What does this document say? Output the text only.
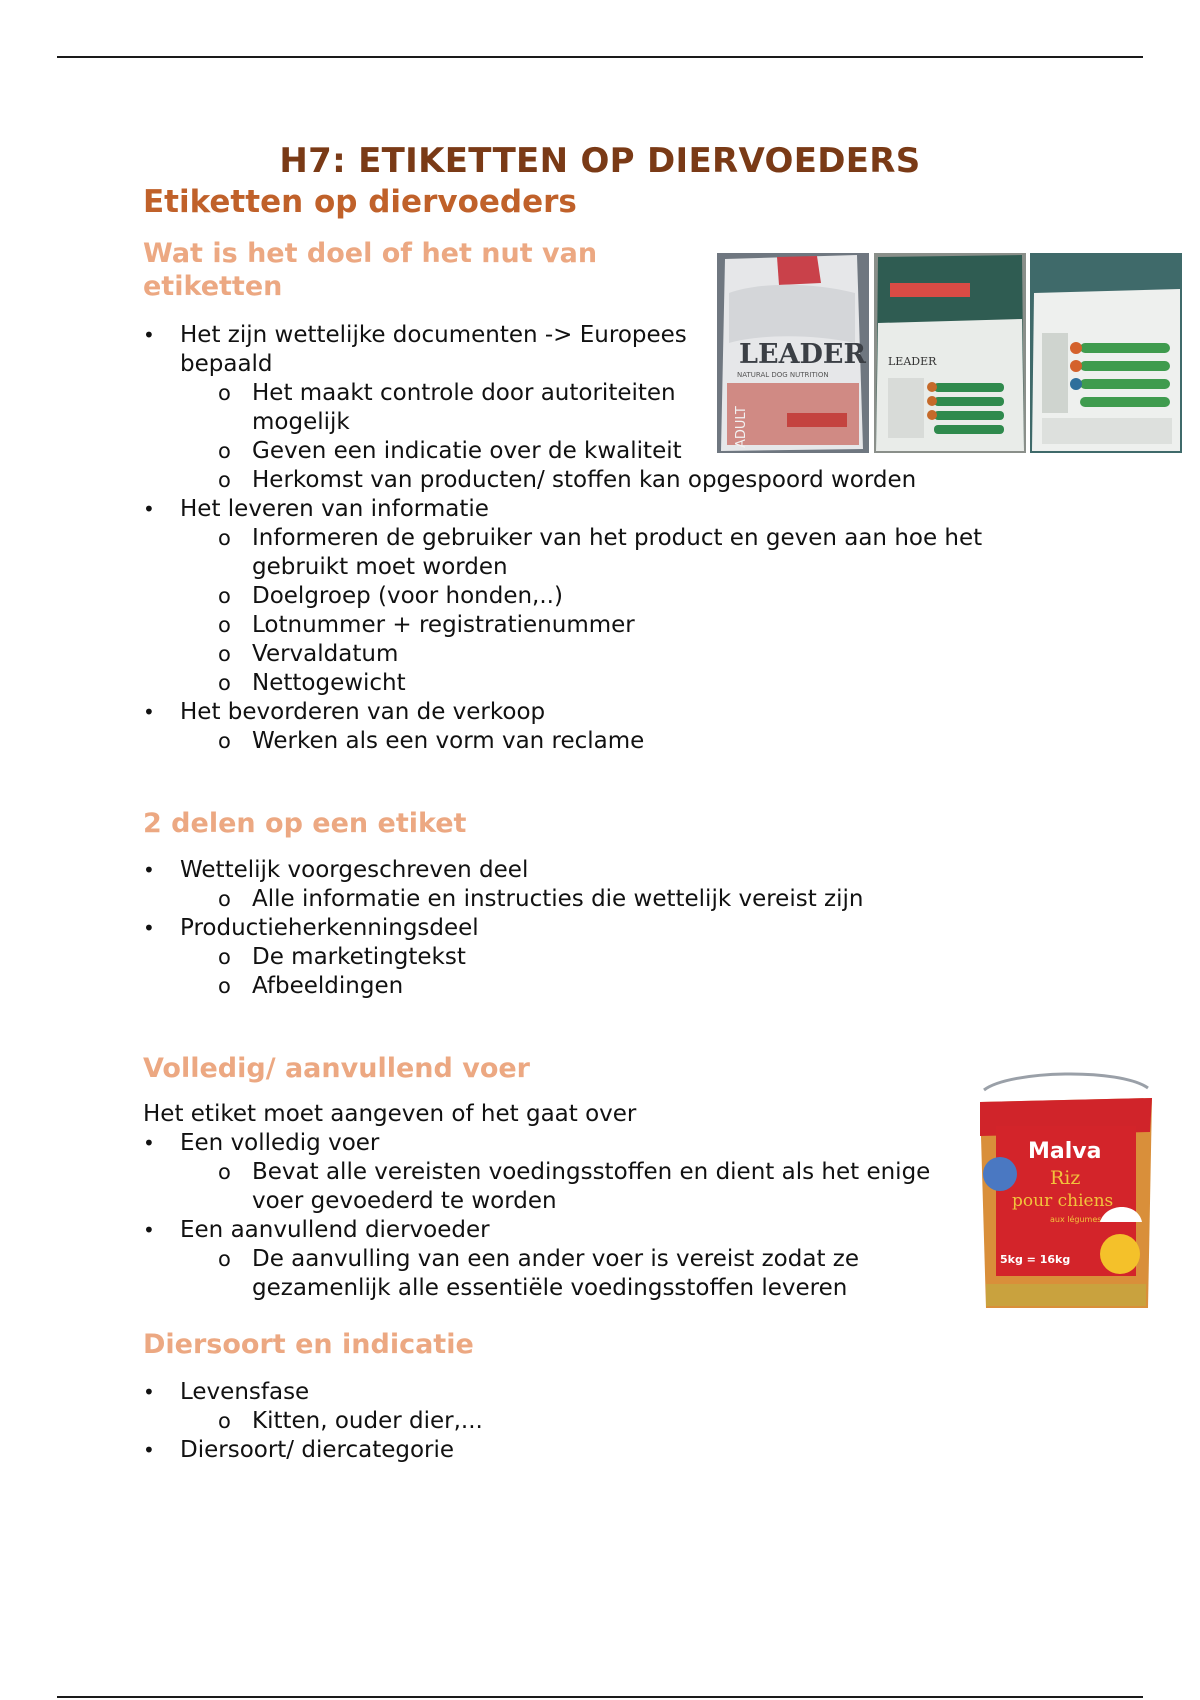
H7: ETIKETTEN OP DIERVOEDERS
Etiketten op diervoeders
Wat is het doel of het nut van
etiketten
• Het zijn wettelijke documenten -> Europees
bepaald
o Het maakt controle door autoriteiten
mogelijk
o Geven een indicatie over de kwaliteit
o Herkomst van producten/ stoffen kan opgespoord worden
• Het leveren van informatie
o Informeren de gebruiker van het product en geven aan hoe het
gebruikt moet worden
o Doelgroep (voor honden,..)
o Lotnummer + registratienummer
o Vervaldatum
o Nettogewicht
• Het bevorderen van de verkoop
o Werken als een vorm van reclame
LEADER
NATURAL DOG NUTRITION
ADULT
LEADER
2 delen op een etiket
• Wettelijk voorgeschreven deel
o Alle informatie en instructies die wettelijk vereist zijn
• Productieherkenningsdeel
o De marketingtekst
o Afbeeldingen
Volledig/ aanvullend voer

Het etiket moet aangeven of het gaat over

• Een volledig voer
o Bevat alle vereisten voedingsstoffen en dient als het enige
voer gevoederd te worden
• Een aanvullend diervoeder
o De aanvulling van een ander voer is vereist zodat ze
gezamenlijk alle essentiële voedingsstoffen leveren
Malva
Riz
pour chiens
aux légumes
5kg = 16kg
Diersoort en indicatie
• Levensfase
o Kitten, ouder dier,...
• Diersoort/ diercategorie
